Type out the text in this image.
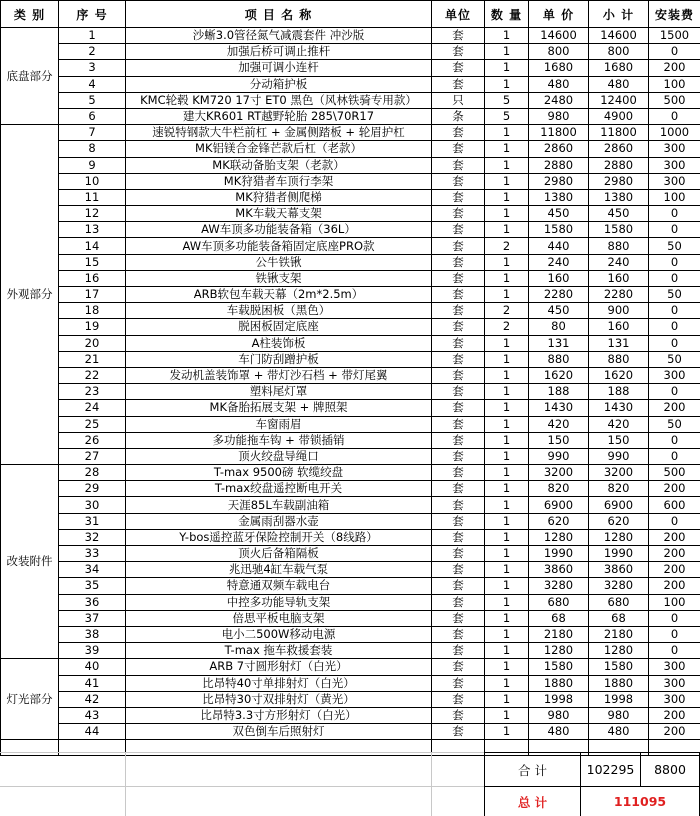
类 别	序 号	项 目 名 称	单位	数 量	单 价	小 计	安装费
底盘部分	1	沙蜥3.0管径氮气减震套件 冲沙版	套	1	14600	14600	1500
	2	加强后桥可调止推杆	套	1	800	800	0
	3	加强可调小连杆	套	1	1680	1680	200
	4	分动箱护板	套	1	480	480	100
	5	KMC轮毂 KM720 17寸 ET0 黑色（风林铁骑专用款）	只	5	2480	12400	500
	6	建大KR601 RT越野轮胎 285\70R17	条	5	980	4900	0
外观部分	7	速锐特钢款大牛栏前杠 + 金属侧踏板 + 轮眉护杠	套	1	11800	11800	1000
	8	MK铝镁合金锋芒款后杠（老款）	套	1	2860	2860	300
	9	MK联动备胎支架（老款）	套	1	2880	2880	300
	10	MK狩猎者车顶行李架	套	1	2980	2980	300
	11	MK狩猎者侧爬梯	套	1	1380	1380	100
	12	MK车载天幕支架	套	1	450	450	0
	13	AW车顶多功能装备箱（36L）	套	1	1580	1580	0
	14	AW车顶多功能装备箱固定底座PRO款	套	2	440	880	50
	15	公牛铁锹	套	1	240	240	0
	16	铁锹支架	套	1	160	160	0
	17	ARB软包车载天幕（2m*2.5m）	套	1	2280	2280	50
	18	车载脱困板（黑色）	套	2	450	900	0
	19	脱困板固定底座	套	2	80	160	0
	20	A柱装饰板	套	1	131	131	0
	21	车门防刮蹭护板	套	1	880	880	50
	22	发动机盖装饰罩 + 带灯沙石档 + 带灯尾翼	套	1	1620	1620	300
	23	塑料尾灯罩	套	1	188	188	0
	24	MK备胎拓展支架 + 牌照架	套	1	1430	1430	200
	25	车窗雨眉	套	1	420	420	50
	26	多功能拖车钩 + 带锁插销	套	1	150	150	0
	27	顶火绞盘导绳口	套	1	990	990	0
改装附件	28	T-max 9500磅 软缆绞盘	套	1	3200	3200	500
	29	T-max绞盘遥控断电开关	套	1	820	820	200
	30	天涯85L车载副油箱	套	1	6900	6900	600
	31	金属雨刮器水壶	套	1	620	620	0
	32	Y-bos遥控蓝牙保险控制开关（8线路）	套	1	1280	1280	200
	33	顶火后备箱隔板	套	1	1990	1990	200
	34	兆迅驰4缸车载气泵	套	1	3860	3860	200
	35	特意通双频车载电台	套	1	3280	3280	200
	36	中控多功能导轨支架	套	1	680	680	100
	37	倍思平板电脑支架	套	1	68	68	0
	38	电小二500W移动电源	套	1	2180	2180	0
	39	T-max 拖车救援套装	套	1	1280	1280	0
灯光部分	40	ARB 7寸圆形射灯（白光）	套	1	1580	1580	300
	41	比昂特40寸单排射灯（白光）	套	1	1880	1880	300
	42	比昂特30寸双排射灯（黄光）	套	1	1998	1998	300
	43	比昂特3.3寸方形射灯（白光）	套	1	980	980	200
	44	双色倒车后照射灯	套	1	480	480	200

合 计	102295	8800
总 计	111095
